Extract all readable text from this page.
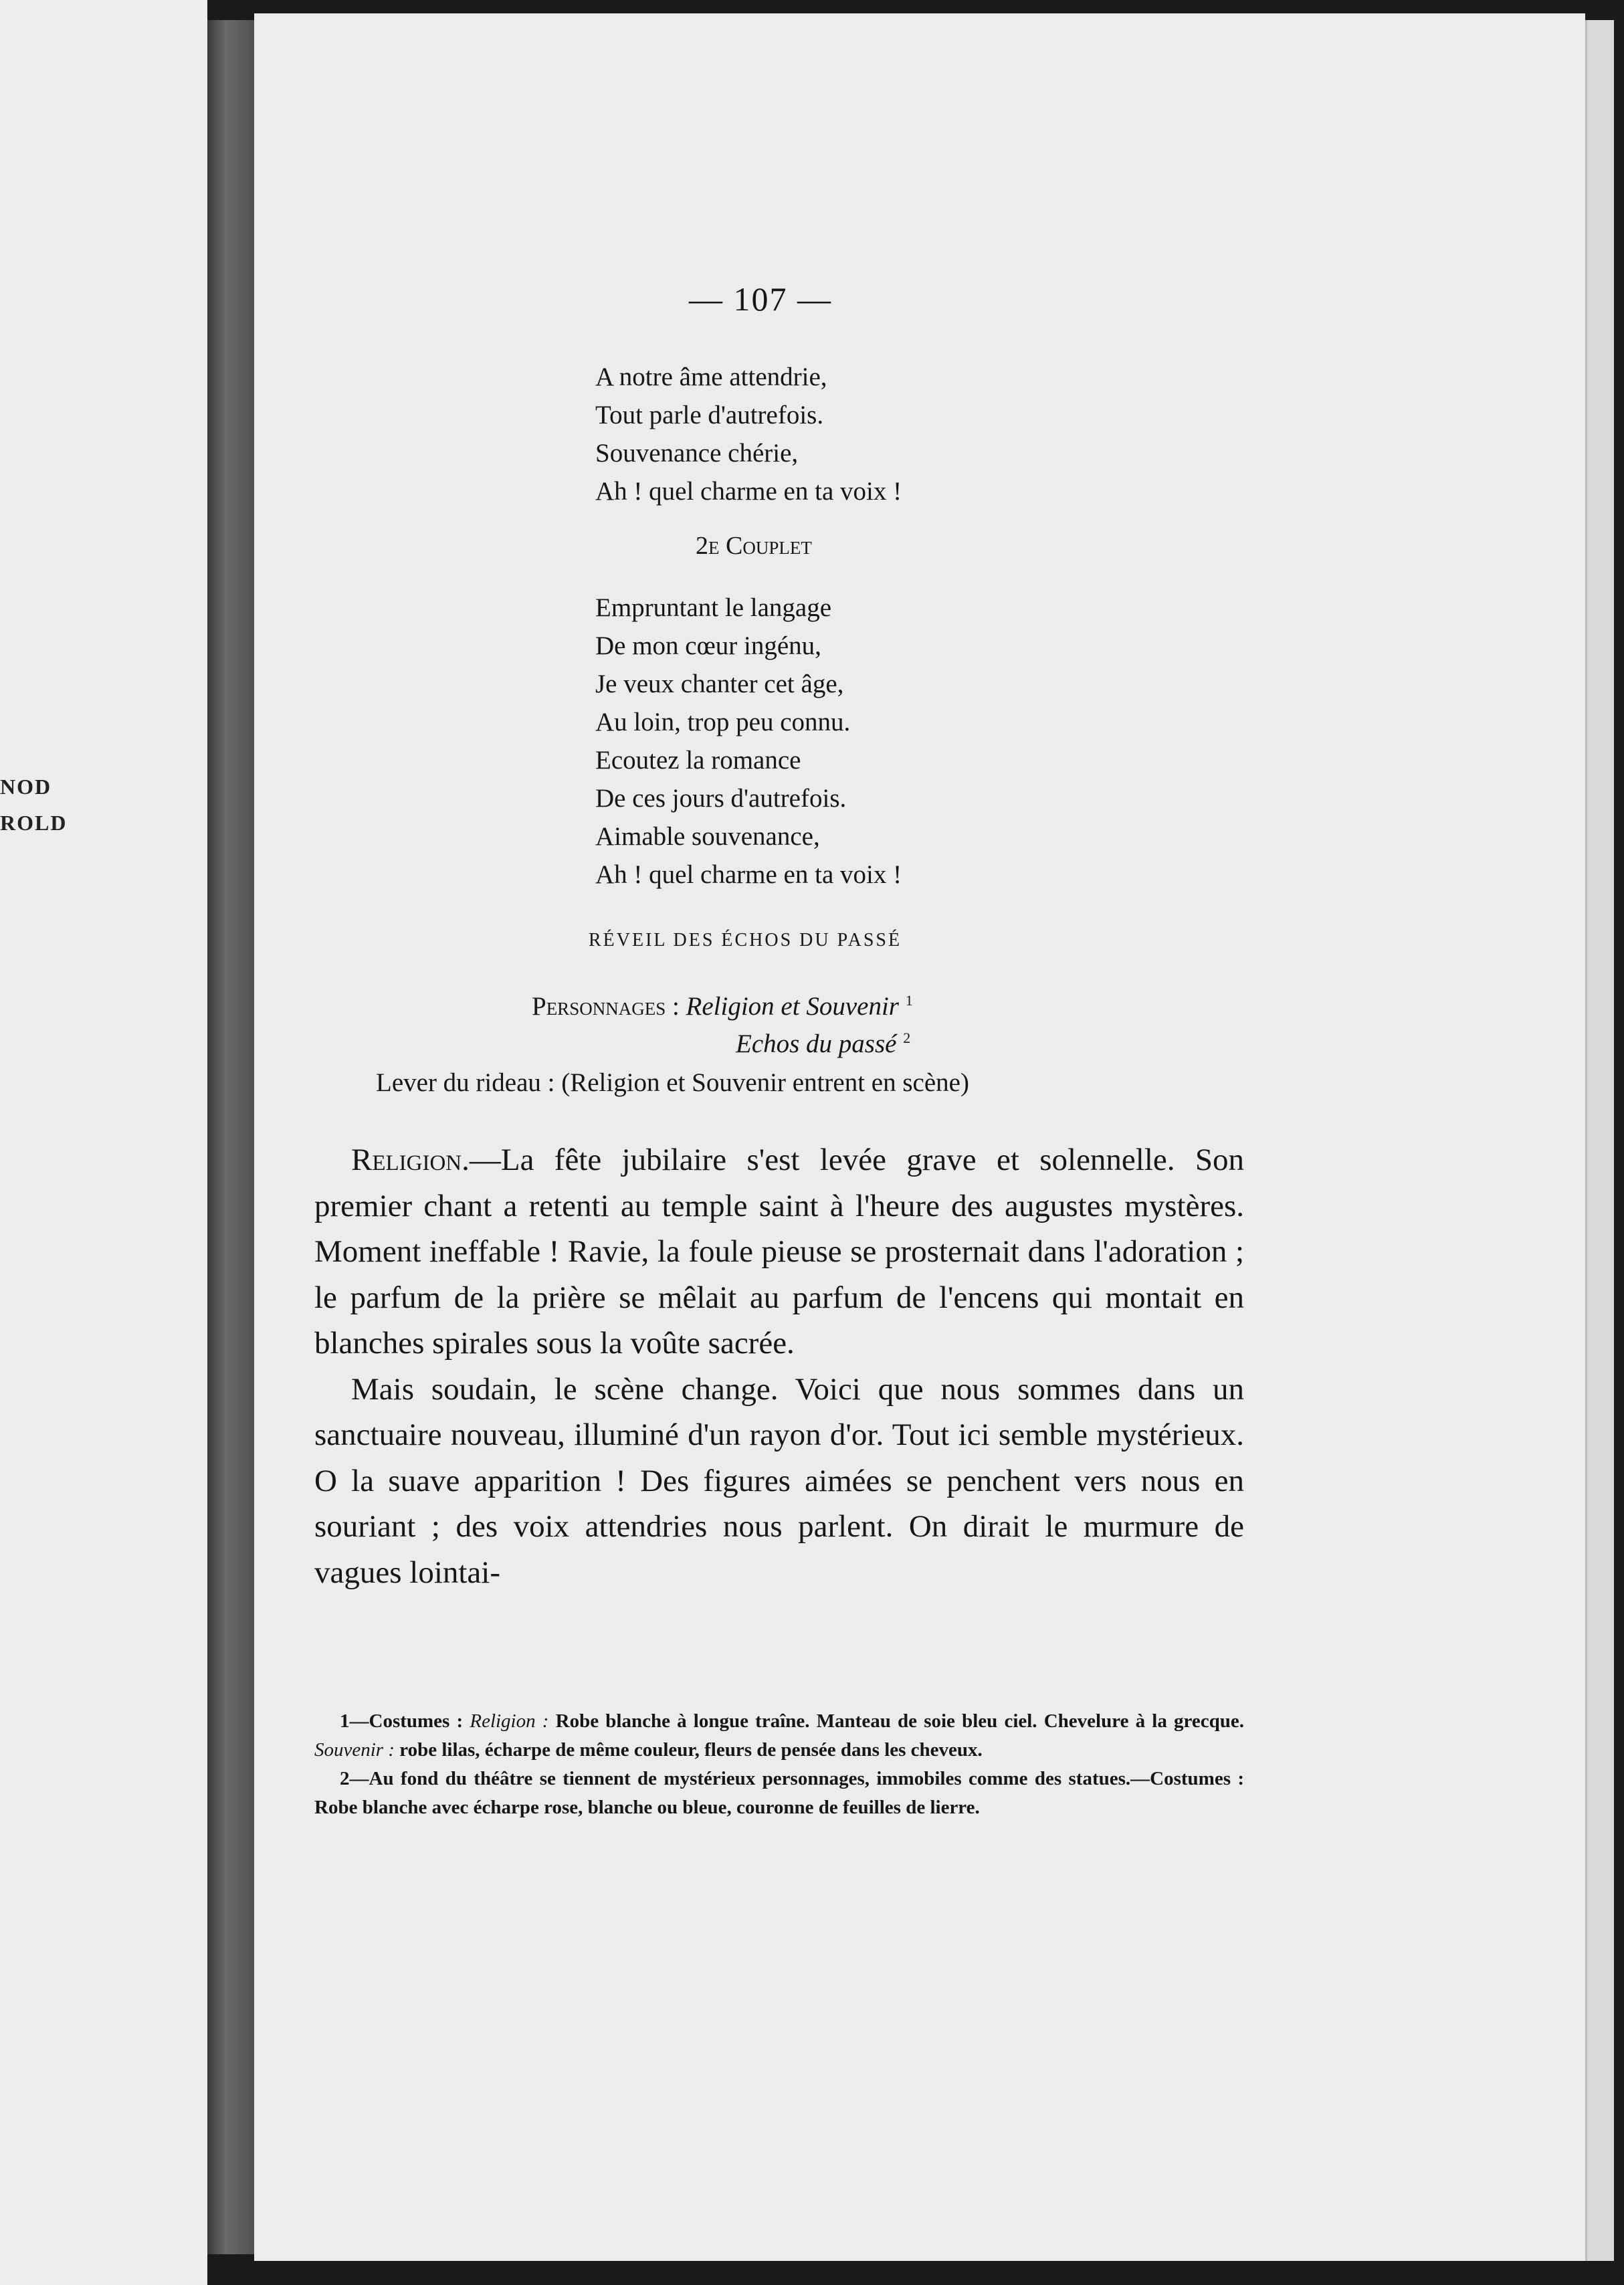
NOD
ROLD
— 107 —
A notre âme attendrie,
Tout parle d'autrefois.
Souvenance chérie,
Ah ! quel charme en ta voix !
2e Couplet
Empruntant le langage
De mon cœur ingénu,
Je veux chanter cet âge,
Au loin, trop peu connu.
Ecoutez la romance
De ces jours d'autrefois.
Aimable souvenance,
Ah ! quel charme en ta voix !
RÉVEIL DES ÉCHOS DU PASSÉ
Personnages : Religion et Souvenir $^1$
Echos du passé $^2$
Lever du rideau : (Religion et Souvenir entrent en scène)

Religion.—La fête jubilaire s'est levée grave et solennelle. Son premier chant a retenti au temple saint à l'heure des augustes mystères. Moment ineffable ! Ravie, la foule pieuse se prosternait dans l'adoration ; le parfum de la prière se mêlait au parfum de l'encens qui montait en blanches spirales sous la voûte sacrée.

Mais soudain, le scène change. Voici que nous sommes dans un sanctuaire nouveau, illuminé d'un rayon d'or. Tout ici semble mystérieux. O la suave apparition ! Des figures aimées se penchent vers nous en souriant ; des voix attendries nous parlent. On dirait le murmure de vagues lointai-

1—Costumes : Religion : Robe blanche à longue traîne. Manteau de soie bleu ciel. Chevelure à la grecque. Souvenir : robe lilas, écharpe de même couleur, fleurs de pensée dans les cheveux.

2—Au fond du théâtre se tiennent de mystérieux personnages, immobiles comme des statues.—Costumes : Robe blanche avec écharpe rose, blanche ou bleue, couronne de feuilles de lierre.
